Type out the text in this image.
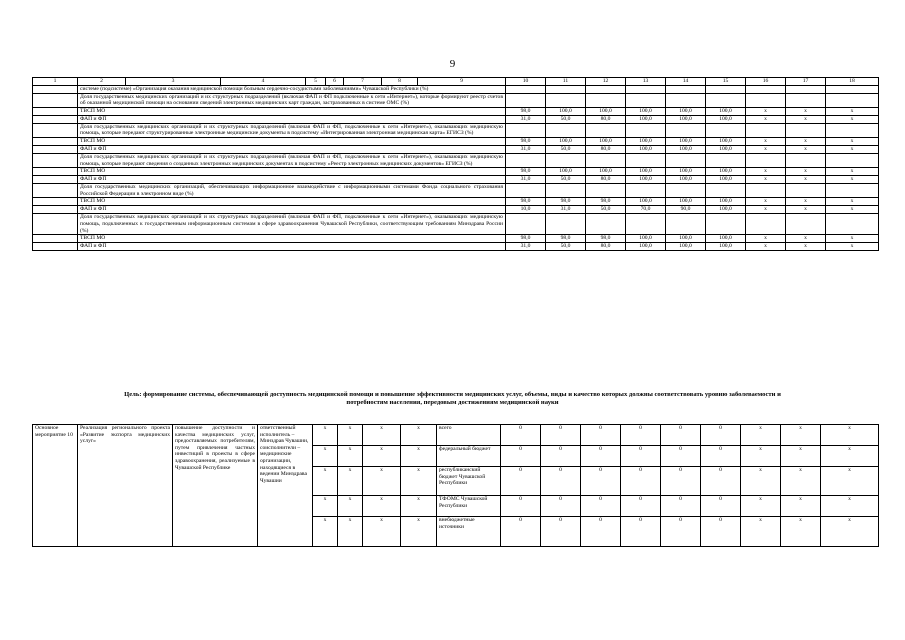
9
1	2	3	4	5	6	7	8	9	10	11	12	13	14	15	16	17	18
	системе (подсистеме) «Организация оказания медицинской помощи больным сердечно-сосудистыми заболеваниями» Чувашской Республики (%)																
	Доля государственных медицинских организаций и их структурных подразделений (включая ФАП и ФП подключенные к сети «Интернет»), которые формируют реестр счетов об оказанной медицинской помощи на основании сведений электронных медицинских карт граждан, застрахованных в системе ОМС (%)																
	ТВСП МО								98,0	100,0	100,0	100,0	100,0	100,0	х	х	х
	ФАП и ФП								31,0	50,0	80,0	100,0	100,0	100,0	х	х	х
	Доля государственных медицинских организаций и их структурных подразделений (включая ФАП и ФП, подключенные к сети «Интернет»), оказывающих медицинскую помощь, которые передают структурированные электронные медицинские документы в подсистему «Интегрированная электронная медицинская карта» ЕГИСЗ (%)																
	ТВСП МО								98,0	100,0	100,0	100,0	100,0	100,0	х	х	х
	ФАП и ФП								31,0	50,0	80,0	100,0	100,0	100,0	х	х	х
	Доля государственных медицинских организаций и их структурных подразделений (включая ФАП и ФП, подключенные к сети «Интернет»), оказывающих медицинскую помощь, которые передают сведения о созданных электронных медицинских документах в подсистему «Реестр электронных медицинских документов» ЕГИСЗ (%)																
	ТВСП МО								98,0	100,0	100,0	100,0	100,0	100,0	х	х	х
	ФАП и ФП								31,0	50,0	80,0	100,0	100,0	100,0	х	х	х
	Доля государственных медицинских организаций, обеспечивающих информационное взаимодействие с информационными системами Фонда социального страхования Российской Федерации в электронном виде (%)																
	ТВСП МО								98,0	98,0	98,0	100,0	100,0	100,0	х	х	х
	ФАП и ФП								10,0	31,0	50,0	70,0	90,0	100,0	х	х	х
	Доля государственных медицинских организаций и их структурных подразделений (включая ФАП и ФП, подключенные к сети «Интернет»), оказывающих медицинскую помощь, подключенных к государственным информационным системам в сфере здравоохранения Чувашской Республики, соответствующим требованиям Минздрава России (%)																
	ТВСП МО								98,0	98,0	98,0	100,0	100,0	100,0	х	х	х
	ФАП и ФП								31,0	50,0	80,0	100,0	100,0	100,0	х	х	х
Цель: формирование системы, обеспечивающей доступность медицинской помощи и повышение эффективности медицинских услуг, объемы, виды и качество которых должны соответствовать уровню заболеваемости и потребностям населения, передовым достижениям медицинской науки
Основное мероприятие 10	Реализация регионального проекта «Развитие экспорта медицинских услуг»	повышение доступности и качества медицинских услуг, предоставляемых потребителям, путем привлечения частных инвестиций в проекты в сфере здравоохранения, реализуемые в Чувашской Республике	ответственный исполнитель – Минздрав Чувашии, соисполнители – медицинские организации, находящиеся в ведении Минздрава Чувашии	х	х	х	х	всего	0	0	0	0	0	0	х	х	х
				х	х	х	х	федеральный бюджет	0	0	0	0	0	0	х	х	х
				х	х	х	х	республиканский бюджет Чувашской Республики	0	0	0	0	0	0	х	х	х
				х	х	х	х	ТФОМС Чувашской Республики	0	0	0	0	0	0	х	х	х
				х	х	х	х	внебюджетные источники	0	0	0	0	0	0	х	х	х
